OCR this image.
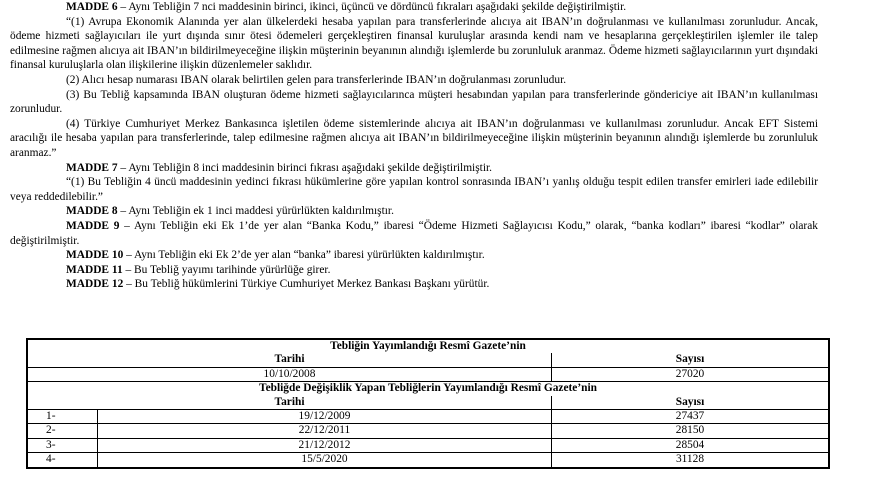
MADDE 6 – Aynı Tebliğin 7 nci maddesinin birinci, ikinci, üçüncü ve dördüncü fıkraları aşağıdaki şekilde değiştirilmiştir.

“(1) Avrupa Ekonomik Alanında yer alan ülkelerdeki hesaba yapılan para transferlerinde alıcıya ait IBAN’ın doğrulanması ve kullanılması zorunludur. Ancak, ödeme hizmeti sağlayıcıları ile yurt dışında sınır ötesi ödemeleri gerçekleştiren finansal kuruluşlar arasında kendi nam ve hesaplarına gerçekleştirilen işlemler ile talep edilmesine rağmen alıcıya ait IBAN’ın bildirilmeyeceğine ilişkin müşterinin beyanının alındığı işlemlerde bu zorunluluk aranmaz. Ödeme hizmeti sağlayıcılarının yurt dışındaki finansal kuruluşlarla olan ilişkilerine ilişkin düzenlemeler saklıdır.

(2) Alıcı hesap numarası IBAN olarak belirtilen gelen para transferlerinde IBAN’ın doğrulanması zorunludur.

(3) Bu Tebliğ kapsamında IBAN oluşturan ödeme hizmeti sağlayıcılarınca müşteri hesabından yapılan para transferlerinde göndericiye ait IBAN’ın kullanılması zorunludur.

(4) Türkiye Cumhuriyet Merkez Bankasınca işletilen ödeme sistemlerinde alıcıya ait IBAN’ın doğrulanması ve kullanılması zorunludur. Ancak EFT Sistemi aracılığı ile hesaba yapılan para transferlerinde, talep edilmesine rağmen alıcıya ait IBAN’ın bildirilmeyeceğine ilişkin müşterinin beyanının alındığı işlemlerde bu zorunluluk aranmaz.”

MADDE 7 – Aynı Tebliğin 8 inci maddesinin birinci fıkrası aşağıdaki şekilde değiştirilmiştir.

“(1) Bu Tebliğin 4 üncü maddesinin yedinci fıkrası hükümlerine göre yapılan kontrol sonrasında IBAN’ı yanlış olduğu tespit edilen transfer emirleri iade edilebilir veya reddedilebilir.”

MADDE 8 – Aynı Tebliğin ek 1 inci maddesi yürürlükten kaldırılmıştır.

MADDE 9 – Aynı Tebliğin eki Ek 1’de yer alan “Banka Kodu,” ibaresi “Ödeme Hizmeti Sağlayıcısı Kodu,” olarak, “banka kodları” ibaresi “kodlar” olarak değiştirilmiştir.

MADDE 10 – Aynı Tebliğin eki Ek 2’de yer alan “banka” ibaresi yürürlükten kaldırılmıştır.

MADDE 11 – Bu Tebliğ yayımı tarihinde yürürlüğe girer.

MADDE 12 – Bu Tebliğ hükümlerini Türkiye Cumhuriyet Merkez Bankası Başkanı yürütür.

Tebliğin Yayımlandığı Resmî Gazete’nin		
Tarihi		Sayısı
10/10/2008		27020
Tebliğde Değişiklik Yapan Tebliğlerin Yayımlandığı Resmî Gazete’nin		
Tarihi		Sayısı
1-	19/12/2009	27437
2-	22/12/2011	28150
3-	21/12/2012	28504
4-	15/5/2020	31128
